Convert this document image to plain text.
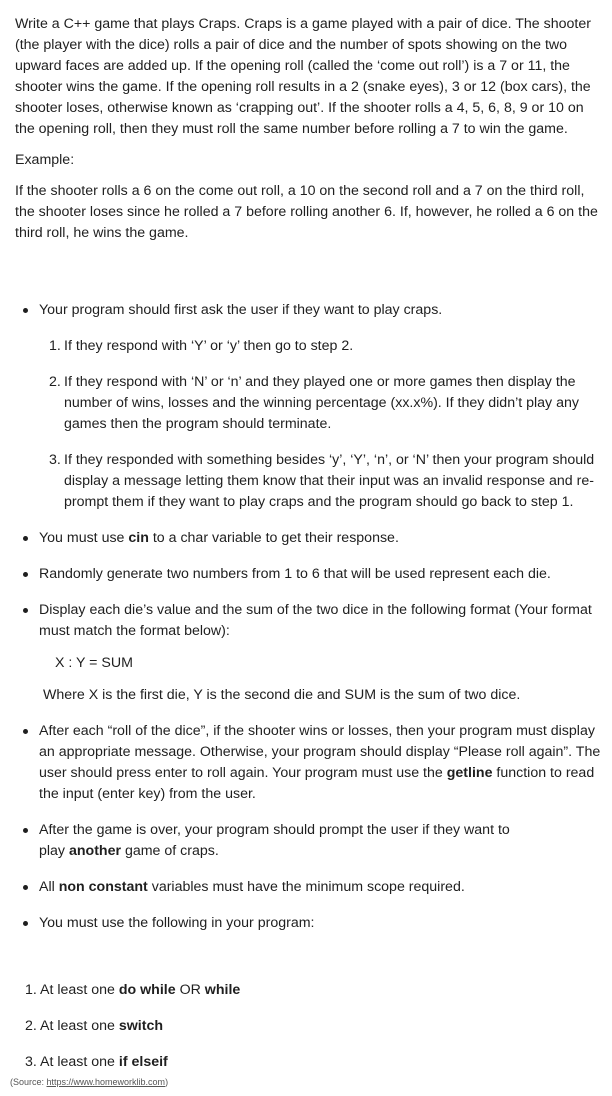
Write a C++ game that plays Craps. Craps is a game played with a pair of dice. The shooter (the player with the dice) rolls a pair of dice and the number of spots showing on the two upward faces are added up. If the opening roll (called the ‘come out roll’) is a 7 or 11, the shooter wins the game. If the opening roll results in a 2 (snake eyes), 3 or 12 (box cars), the shooter loses, otherwise known as ‘crapping out’. If the shooter rolls a 4, 5, 6, 8, 9 or 10 on the opening roll, then they must roll the same number before rolling a 7 to win the game.

Example:

If the shooter rolls a 6 on the come out roll, a 10 on the second roll and a 7 on the third roll, the shooter loses since he rolled a 7 before rolling another 6. If, however, he rolled a 6 on the third roll, he wins the game.

Your program should first ask the user if they want to play craps.
1. If they respond with ‘Y’ or ‘y’ then go to step 2.
2. If they respond with ‘N’ or ‘n’ and they played one or more games then display the number of wins, losses and the winning percentage (xx.x%). If they didn’t play any games then the program should terminate.
3. If they responded with something besides ‘y’, ‘Y’, ‘n’, or ‘N’ then your program should display a message letting them know that their input was an invalid response and re-prompt them if they want to play craps and the program should go back to step 1.
You must use cin to a char variable to get their response.
Randomly generate two numbers from 1 to 6 that will be used represent each die.
Display each die’s value and the sum of the two dice in the following format (Your format must match the format below):

X : Y = SUM

Where X is the first die, Y is the second die and SUM is the sum of two dice.

After each “roll of the dice”, if the shooter wins or losses, then your program must display an appropriate message. Otherwise, your program should display “Please roll again”. The user should press enter to roll again. Your program must use the getline function to read the input (enter key) from the user.
After the game is over, your program should prompt the user if they want to
play another game of craps.
All non constant variables must have the minimum scope required.
You must use the following in your program:
1. At least one do while OR while
2. At least one switch
3. At least one if elseif
(Source: https://www.homeworklib.com)
